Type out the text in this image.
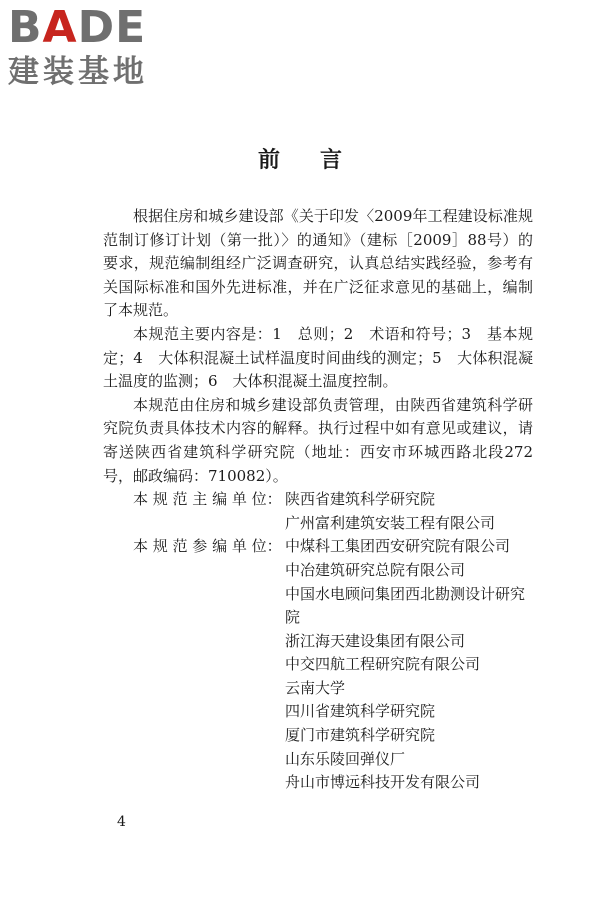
BADE
建装基地
前言

根据住房和城乡建设部《关于印发〈2009年工程建设标准规范制订修订计划（第一批）〉的通知》（建标［2009］88号）的要求，规范编制组经广泛调查研究，认真总结实践经验，参考有关国际标准和国外先进标准，并在广泛征求意见的基础上，编制了本规范。

本规范主要内容是：1　总则；2　术语和符号；3　基本规定；4　大体积混凝土试样温度时间曲线的测定；5　大体积混凝土温度的监测；6　大体积混凝土温度控制。

本规范由住房和城乡建设部负责管理，由陕西省建筑科学研究院负责具体技术内容的解释。执行过程中如有意见或建议，请寄送陕西省建筑科学研究院（地址：西安市环城西路北段272号，邮政编码：710082）。

本 规 范 主 编 单 位： 陕西省建筑科学研究院
广州富利建筑安装工程有限公司
本 规 范 参 编 单 位： 中煤科工集团西安研究院有限公司
中冶建筑研究总院有限公司
中国水电顾问集团西北勘测设计研究院
浙江海天建设集团有限公司
中交四航工程研究院有限公司
云南大学
四川省建筑科学研究院
厦门市建筑科学研究院
山东乐陵回弹仪厂
舟山市博远科技开发有限公司
4
